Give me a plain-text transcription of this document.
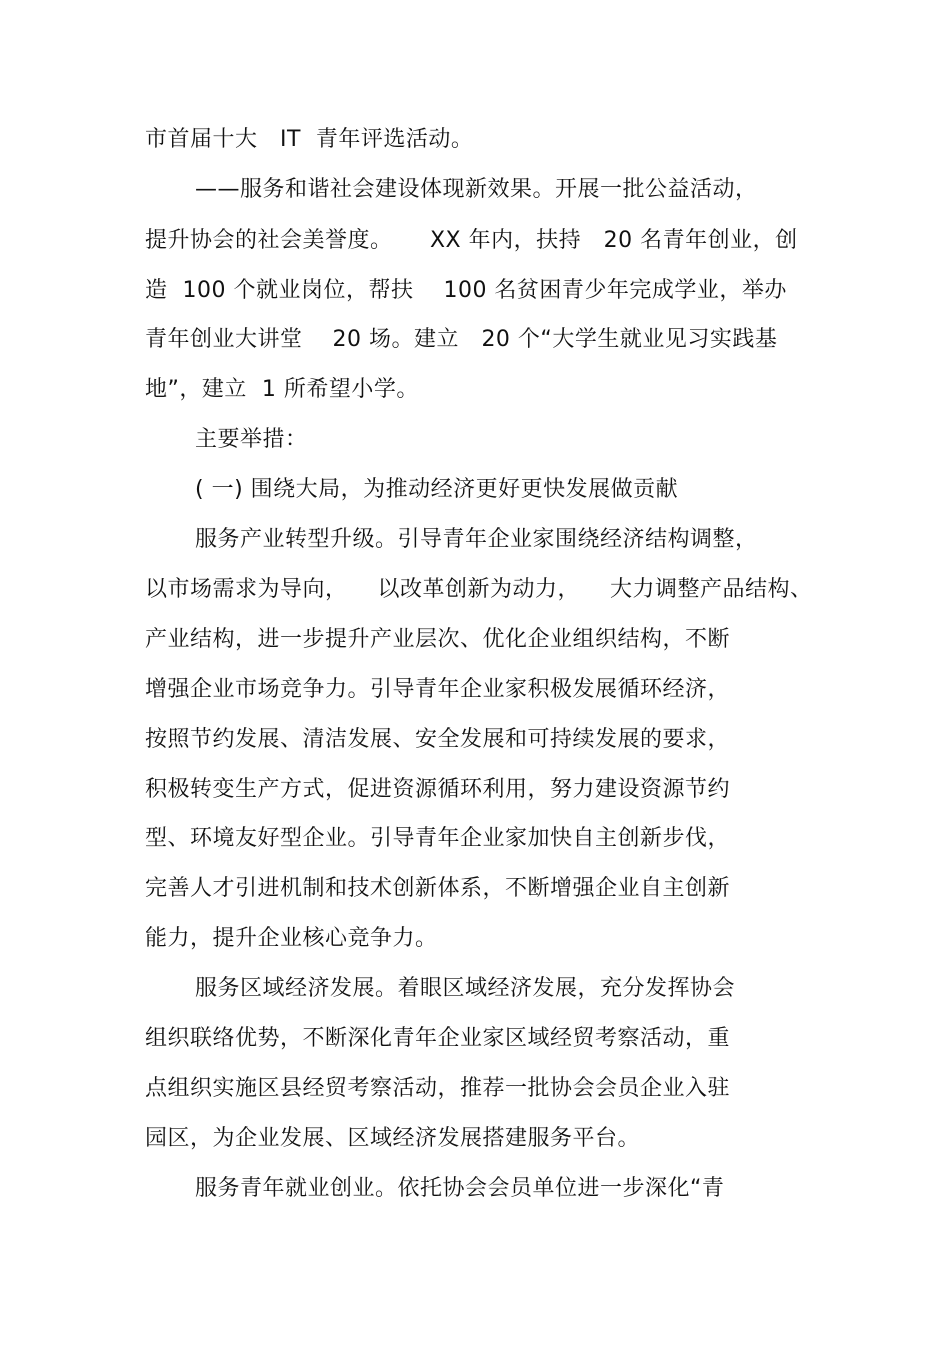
市首届十大   IT  青年评选活动。
——服务和谐社会建设体现新效果。开展一批公益活动，
提升协会的社会美誉度。     XX 年内，扶持   20 名青年创业，创
造  100 个就业岗位，帮扶    100 名贫困青少年完成学业，举办
青年创业大讲堂    20 场。建立   20 个“大学生就业见习实践基
地”，建立  1 所希望小学。
主要举措：
( 一) 围绕大局，为推动经济更好更快发展做贡献
服务产业转型升级。引导青年企业家围绕经济结构调整，
以市场需求为导向，    以改革创新为动力，    大力调整产品结构、
产业结构，进一步提升产业层次、优化企业组织结构，不断
增强企业市场竞争力。引导青年企业家积极发展循环经济，
按照节约发展、清洁发展、安全发展和可持续发展的要求，
积极转变生产方式，促进资源循环利用，努力建设资源节约
型、环境友好型企业。引导青年企业家加快自主创新步伐，
完善人才引进机制和技术创新体系，不断增强企业自主创新
能力，提升企业核心竞争力。
服务区域经济发展。着眼区域经济发展，充分发挥协会
组织联络优势，不断深化青年企业家区域经贸考察活动，重
点组织实施区县经贸考察活动，推荐一批协会会员企业入驻
园区，为企业发展、区域经济发展搭建服务平台。
服务青年就业创业。依托协会会员单位进一步深化“青
